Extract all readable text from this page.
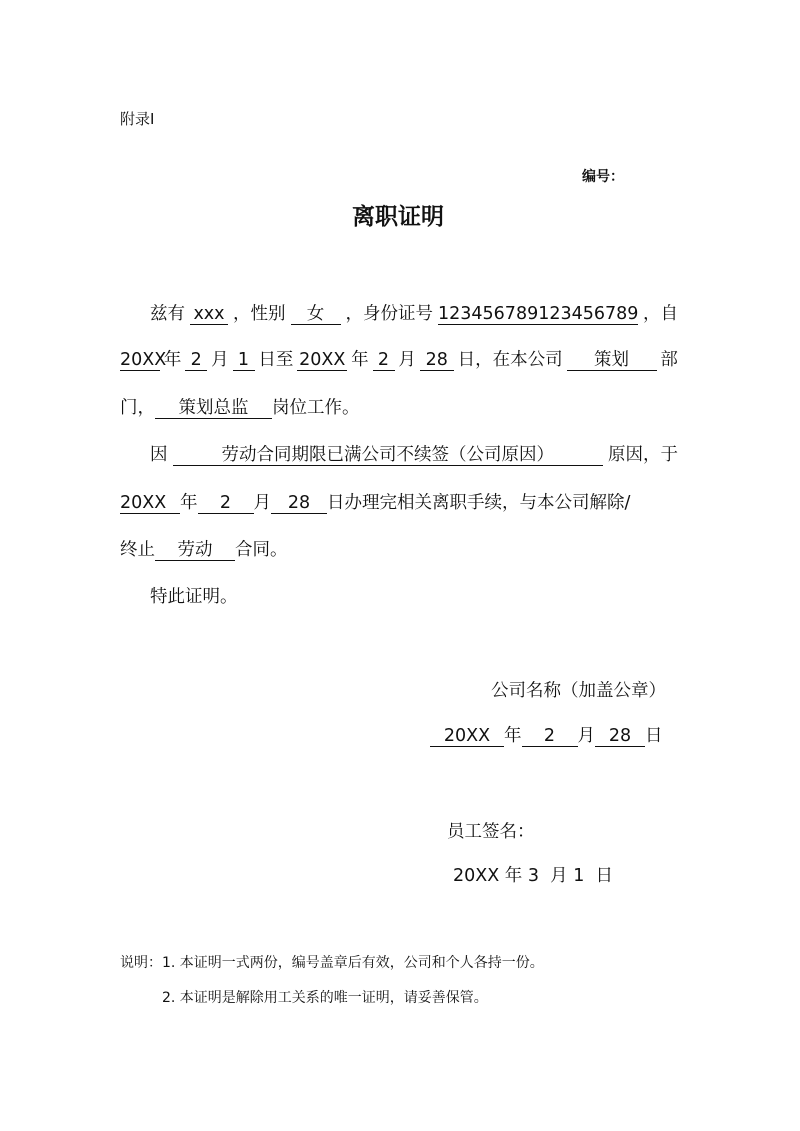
附录Ⅰ
编号：
离职证明
兹有 xxx ，性别	女	，身份证号 123456789123456789 ，自
20XX
年 2 月 1 日至 20XX 年 2 月 28 日，在本公司	策划	部
门，	策划总监	岗位工作。
因	劳动合同期限已满公司不续签（公司原因）	原因，于
20XX 年	2	月 28 日办理完相关离职手续，与本公司解除/
终止	劳动	合同。
特此证明。
公司名称（加盖公章）
20XX 年	2	月 28 日
员工签名：
20XX 年 3  月 1  日
说明： 1. 本证明一式两份，编号盖章后有效，公司和个人各持一份。
2. 本证明是解除用工关系的唯一证明，请妥善保管。
